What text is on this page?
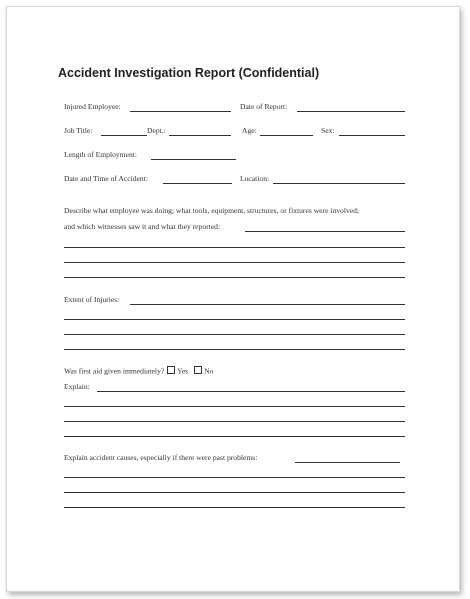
Accident Investigation Report (Confidential)
Injured Employee:	Date of Report:
Job Title:	Dept.:	Age:	Sex:
Length of Employment:
Date and Time of Accident:	Location:
Describe what employee was doing; what tools, equipment, structures, or fixtures were involved;
and which witnesses saw it and what they reported:
Extent of Injuries:
Was first aid given immediately? Yes No
Explain:
Explain accident causes, especially if there were past problems:
